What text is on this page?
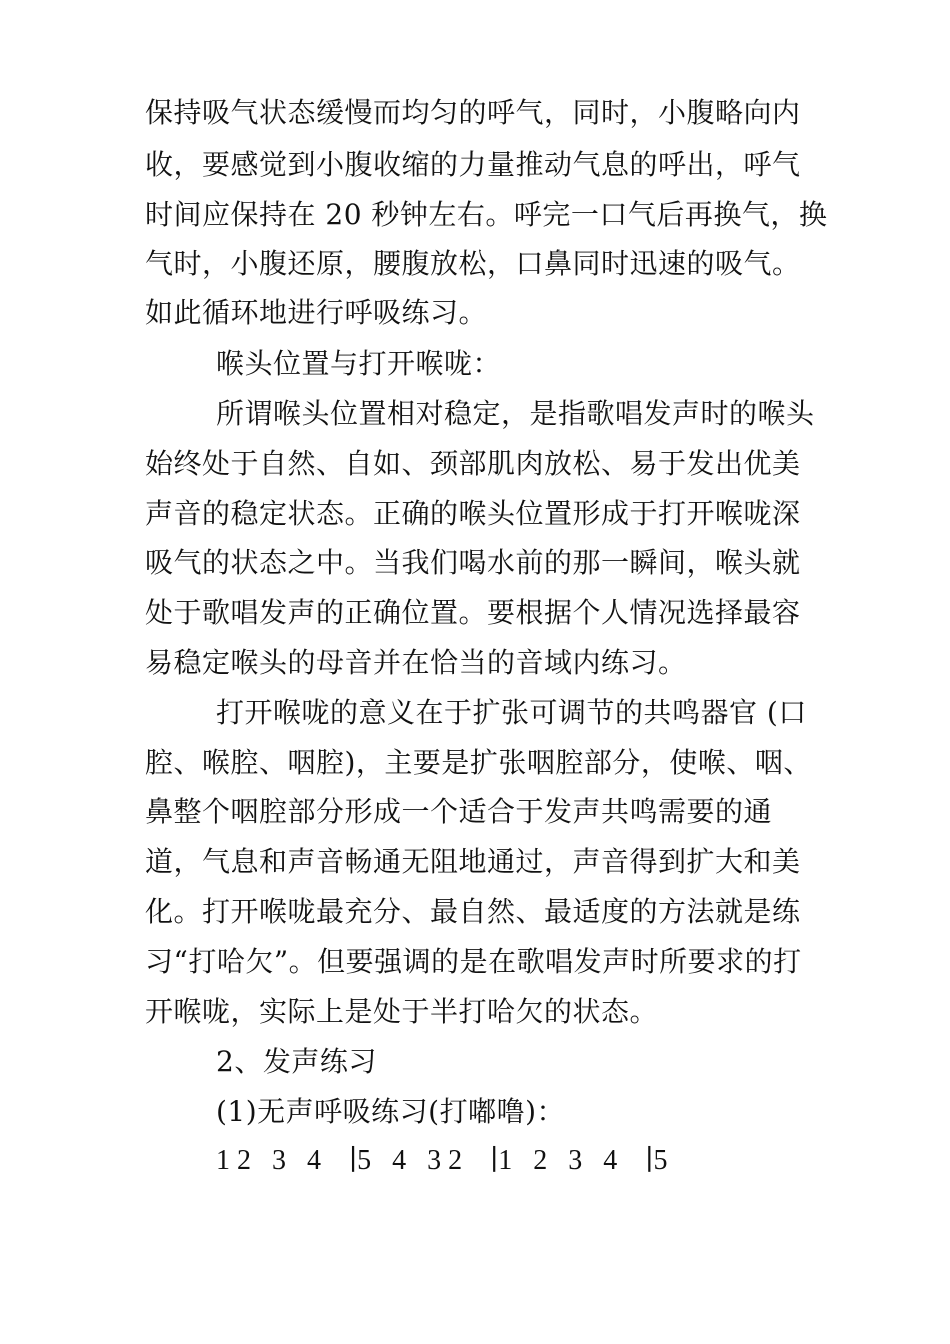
保持吸气状态缓慢而均匀的呼气，同时，小腹略向内
收，要感觉到小腹收缩的力量推动气息的呼出，呼气
时间应保持在 20 秒钟左右。呼完一口气后再换气，换
气时，小腹还原，腰腹放松，口鼻同时迅速的吸气。
如此循环地进行呼吸练习。
喉头位置与打开喉咙：
所谓喉头位置相对稳定，是指歌唱发声时的喉头
始终处于自然、自如、颈部肌肉放松、易于发出优美
声音的稳定状态。正确的喉头位置形成于打开喉咙深
吸气的状态之中。当我们喝水前的那一瞬间，喉头就
处于歌唱发声的正确位置。要根据个人情况选择最容
易稳定喉头的母音并在恰当的音域内练习。
打开喉咙的意义在于扩张可调节的共鸣器官 (口
腔、喉腔、咽腔)，主要是扩张咽腔部分，使喉、咽、
鼻整个咽腔部分形成一个适合于发声共鸣需要的通
道，气息和声音畅通无阻地通过，声音得到扩大和美
化。打开喉咙最充分、最自然、最适度的方法就是练
习“打哈欠”。但要强调的是在歌唱发声时所要求的打
开喉咙，实际上是处于半打哈欠的状态。
2、发声练习
(1)无声呼吸练习(打嘟噜)：
1 2   3   4    ∣5   4   3 2    ∣1   2   3   4    ∣5
